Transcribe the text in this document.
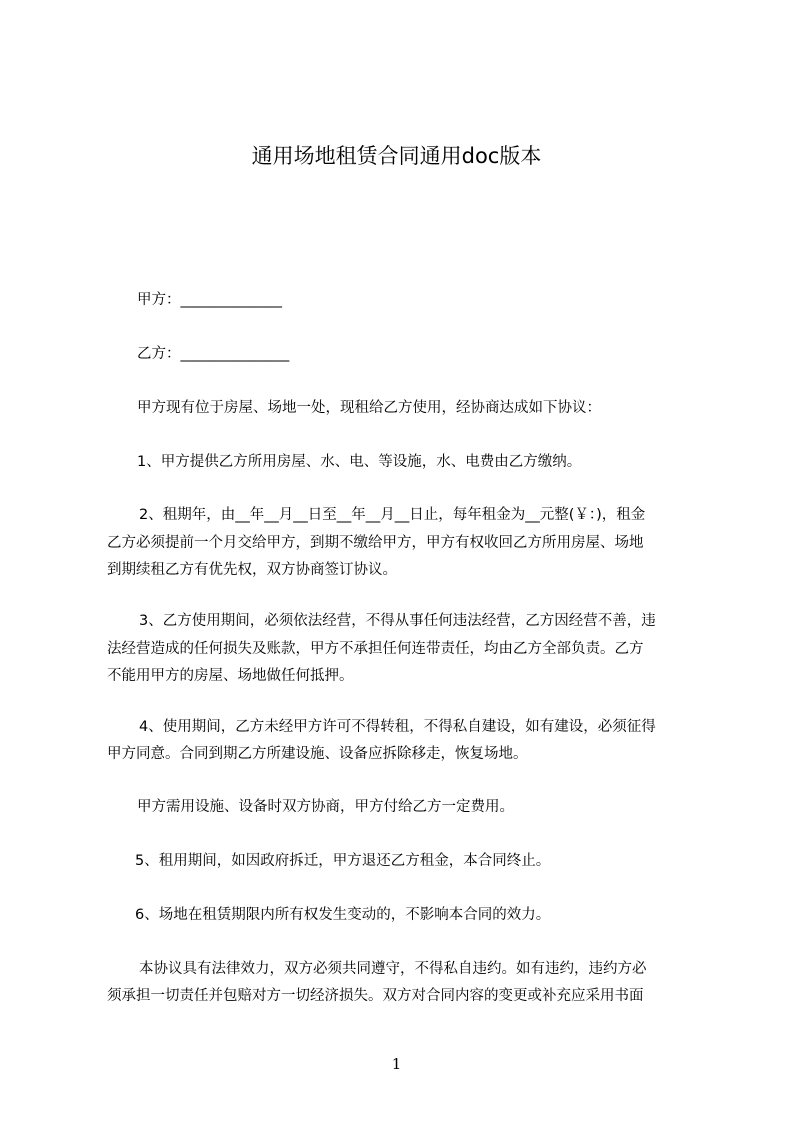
通用场地租赁合同通用doc版本

甲方：______________

乙方：_______________

甲方现有位于房屋、场地一处，现租给乙方使用，经协商达成如下协议：

1、甲方提供乙方所用房屋、水、电、等设施，水、电费由乙方缴纳。

2、租期年，由__年__月__日至__年__月__日止，每年租金为__元整(￥：)，租金

乙方必须提前一个月交给甲方，到期不缴给甲方，甲方有权收回乙方所用房屋、场地

到期续租乙方有优先权，双方协商签订协议。

3、乙方使用期间，必须依法经营，不得从事任何违法经营，乙方因经营不善，违

法经营造成的任何损失及账款，甲方不承担任何连带责任，均由乙方全部负责。乙方

不能用甲方的房屋、场地做任何抵押。

4、使用期间，乙方未经甲方许可不得转租，不得私自建设，如有建设，必须征得

甲方同意。合同到期乙方所建设施、设备应拆除移走，恢复场地。

甲方需用设施、设备时双方协商，甲方付给乙方一定费用。

5、租用期间，如因政府拆迁，甲方退还乙方租金，本合同终止。

6、场地在租赁期限内所有权发生变动的，不影响本合同的效力。

本协议具有法律效力，双方必须共同遵守，不得私自违约。如有违约，违约方必

须承担一切责任并包赔对方一切经济损失。双方对合同内容的变更或补充应采用书面

1
